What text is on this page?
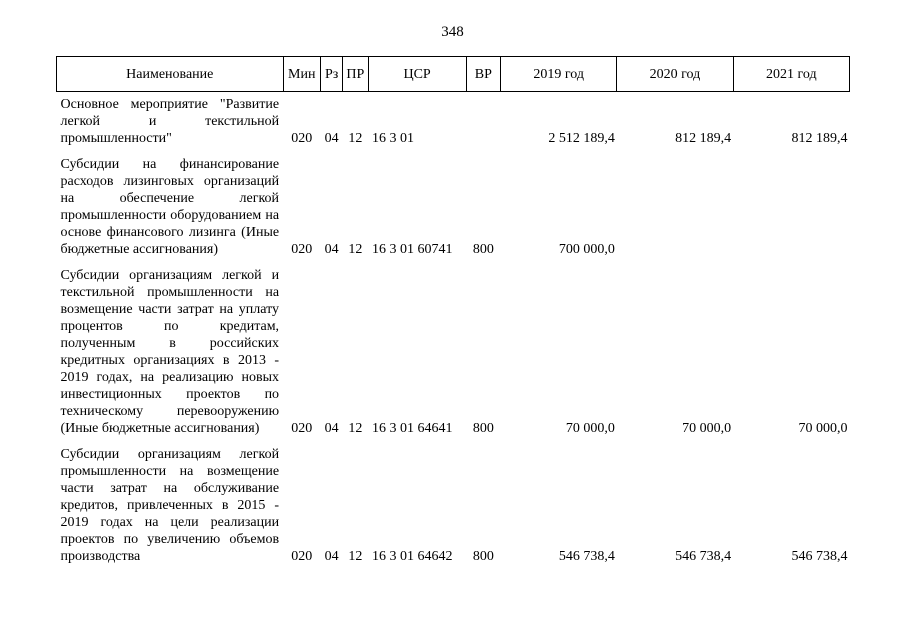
348
Наименование	Мин	Рз	ПР	ЦСР	ВР	2019 год	2020 год	2021 год
Основное мероприятие "Развитие легкой и текстильной промышленности"	020	04	12	16 3 01		2 512 189,4	812 189,4	812 189,4
Субсидии на финансирование расходов лизинговых организаций на обеспечение легкой промышленности оборудованием на основе финансового лизинга (Иные бюджетные ассигнования)	020	04	12	16 3 01 60741	800	700 000,0		
Субсидии организациям легкой и текстильной промышленности на возмещение части затрат на уплату процентов по кредитам, полученным в российских кредитных организациях в 2013 - 2019 годах, на реализацию новых инвестиционных проектов по техническому перевооружению (Иные бюджетные ассигнования)	020	04	12	16 3 01 64641	800	70 000,0	70 000,0	70 000,0
Субсидии организациям легкой промышленности на возмещение части затрат на обслуживание кредитов, привлеченных в 2015 - 2019 годах на цели реализации проектов по увеличению объемов производства	020	04	12	16 3 01 64642	800	546 738,4	546 738,4	546 738,4
